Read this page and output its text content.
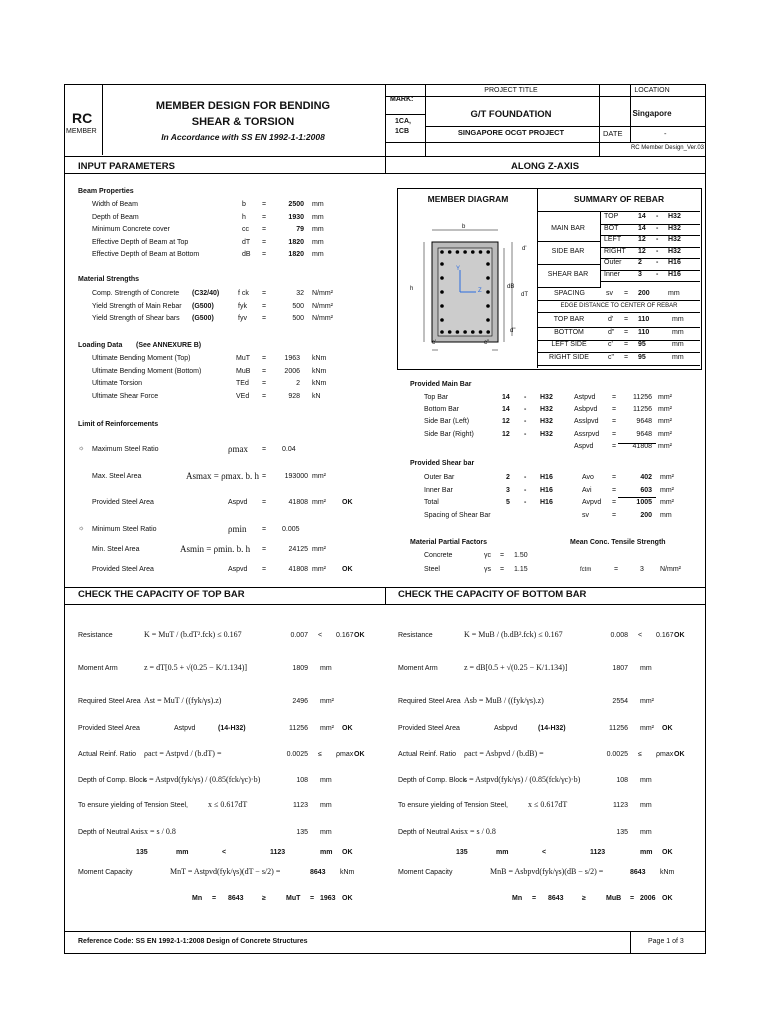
RC
MEMBER
MEMBER DESIGN FOR BENDING
SHEAR & TORSION
In Accordance with SS EN 1992-1-1:2008
MARK:
1CA,
1CB
PROJECT TITLE
G/T FOUNDATION
SINGAPORE OCGT PROJECT
LOCATION
Singapore
DATE	-
RC Member Design_Ver.03
INPUT PARAMETERS	ALONG Z-AXIS
Beam Properties
Width of Beam	b =	2500 mm
Depth of Beam	h =	1930 mm
Minimum Concrete cover	cc =	79 mm
Effective Depth of Beam at Top	dT =	1820 mm
Effective Depth of Beam at Bottom	dB =	1820 mm
Material Strengths
Comp. Strength of Concrete (C32/40)	f ck =	32 N/mm²
Yield Strength of Main Rebar (G500)	fyk =	500 N/mm²
Yield Strength of Shear bars (G500)	fyv =	500 N/mm²
Loading Data (See ANNEXURE B)
Ultimate Bending Moment (Top)	MuT =	1963 kNm
Ultimate Bending Moment (Bottom)	MuB =	2006 kNm
Ultimate Torsion	TEd =	2 kNm
Ultimate Shear Force	VEd =	928 kN
Limit of Reinforcements
☼ Maximum Steel Ratio	ρmax = 0.04
Max. Steel Area	Asmax = ρmax. b. h =	193000 mm²
Provided Steel Area	Aspvd =	41808 mm² OK
☼ Minimum Steel Ratio	ρmin = 0.005
Min. Steel Area	Asmin = ρmin. b. h =	24125 mm²
Provided Steel Area	Aspvd =	41808 mm² OK
MEMBER DIAGRAM	SUMMARY OF REBAR
b
d'
d"
h	dB
dT
c'	c"
Y
Z
MAIN BAR
SIDE BAR
SHEAR BAR
TOP	14 - H32
BOT	14 - H32
LEFT 12 - H32
RIGHT 12 - H32
Outer 2 - H16
Inner	3 - H16
SPACING	sv = 200	mm
EDGE DISTANCE TO CENTER OF REBAR
TOP BAR	d' = 110	mm
BOTTOM	d" = 110	mm
LEFT SIDE	c' = 95	mm
RIGHT SIDE	c" = 95	mm
Provided Main Bar
Top Bar	14 - H32	Astpvd =	11256 mm²
Bottom Bar	14 - H32	Asbpvd =	11256 mm²
Side Bar (Left)	12 - H32	Asslpvd =	9648 mm²
Side Bar (Right)	12 - H32	Assrpvd =	9648 mm²
Aspvd	=	41808 mm²
Provided Shear bar
Outer Bar	2 - H16	Avo	=	402 mm²
Inner Bar	3 - H16	Avi	=	603 mm²
Total	5 - H16	Avpvd =	1005 mm²
Spacing of Shear Bar	sv	=	200 mm
Material Partial Factors	Mean Conc. Tensile Strength
Concrete	γc = 1.50
Steel	γs = 1.15	fctm	=	3 N/mm²
CHECK THE CAPACITY OF TOP BAR	CHECK THE CAPACITY OF BOTTOM BAR
Resistance	K = MuT / (b.dT².fck) ≤ 0.167	0.007 < 0.167 OK
Moment Arm	z = dT[0.5 + √(0.25 − K/1.134)]	1809 mm
Required Steel Area Ast = MuT / ((fyk/γs).z)	2496 mm²
Provided Steel Area	Astpvd	(14-H32)	11256 mm² OK
Actual Reinf. Ratio ρact = Astpvd / (b.dT) =	0.0025 ≤ ρmax OK
Depth of Comp. Block
s = Astpvd(fyk/γs) / (0.85(fck/γc)·b)	108 mm
To ensure yielding of Tension Steel,	x ≤ 0.617dT	1123 mm
Depth of Neutral Axis x = s / 0.8	135 mm
135	mm	<	1123	mm OK
Moment Capacity	MnT = Astpvd(fyk/γs)(dT − s/2) =	8643 kNm
Mn = 8643	≥	MuT = 1963 OK
Resistance	K = MuB / (b.dB².fck) ≤ 0.167	0.008 < 0.167 OK
Moment Arm	z = dB[0.5 + √(0.25 − K/1.134)]	1807 mm
Required Steel Area Asb = MuB / ((fyk/γs).z)	2554 mm²
Provided Steel Area	Asbpvd	(14-H32)	11256 mm² OK
Actual Reinf. Ratio ρact = Asbpvd / (b.dB) =	0.0025 ≤ ρmax OK
Depth of Comp. Block
s = Astpvd(fyk/γs) / (0.85(fck/γc)·b)	108 mm
To ensure yielding of Tension Steel,	x ≤ 0.617dT	1123 mm
Depth of Neutral Axis x = s / 0.8	135 mm
135	mm	<	1123	mm OK
Moment Capacity	MnB = Asbpvd(fyk/γs)(dB − s/2) =	8643 kNm
Mn = 8643	≥	MuB = 2006 OK
Reference Code: SS EN 1992-1-1:2008 Design of Concrete Structures	Page 1 of 3
